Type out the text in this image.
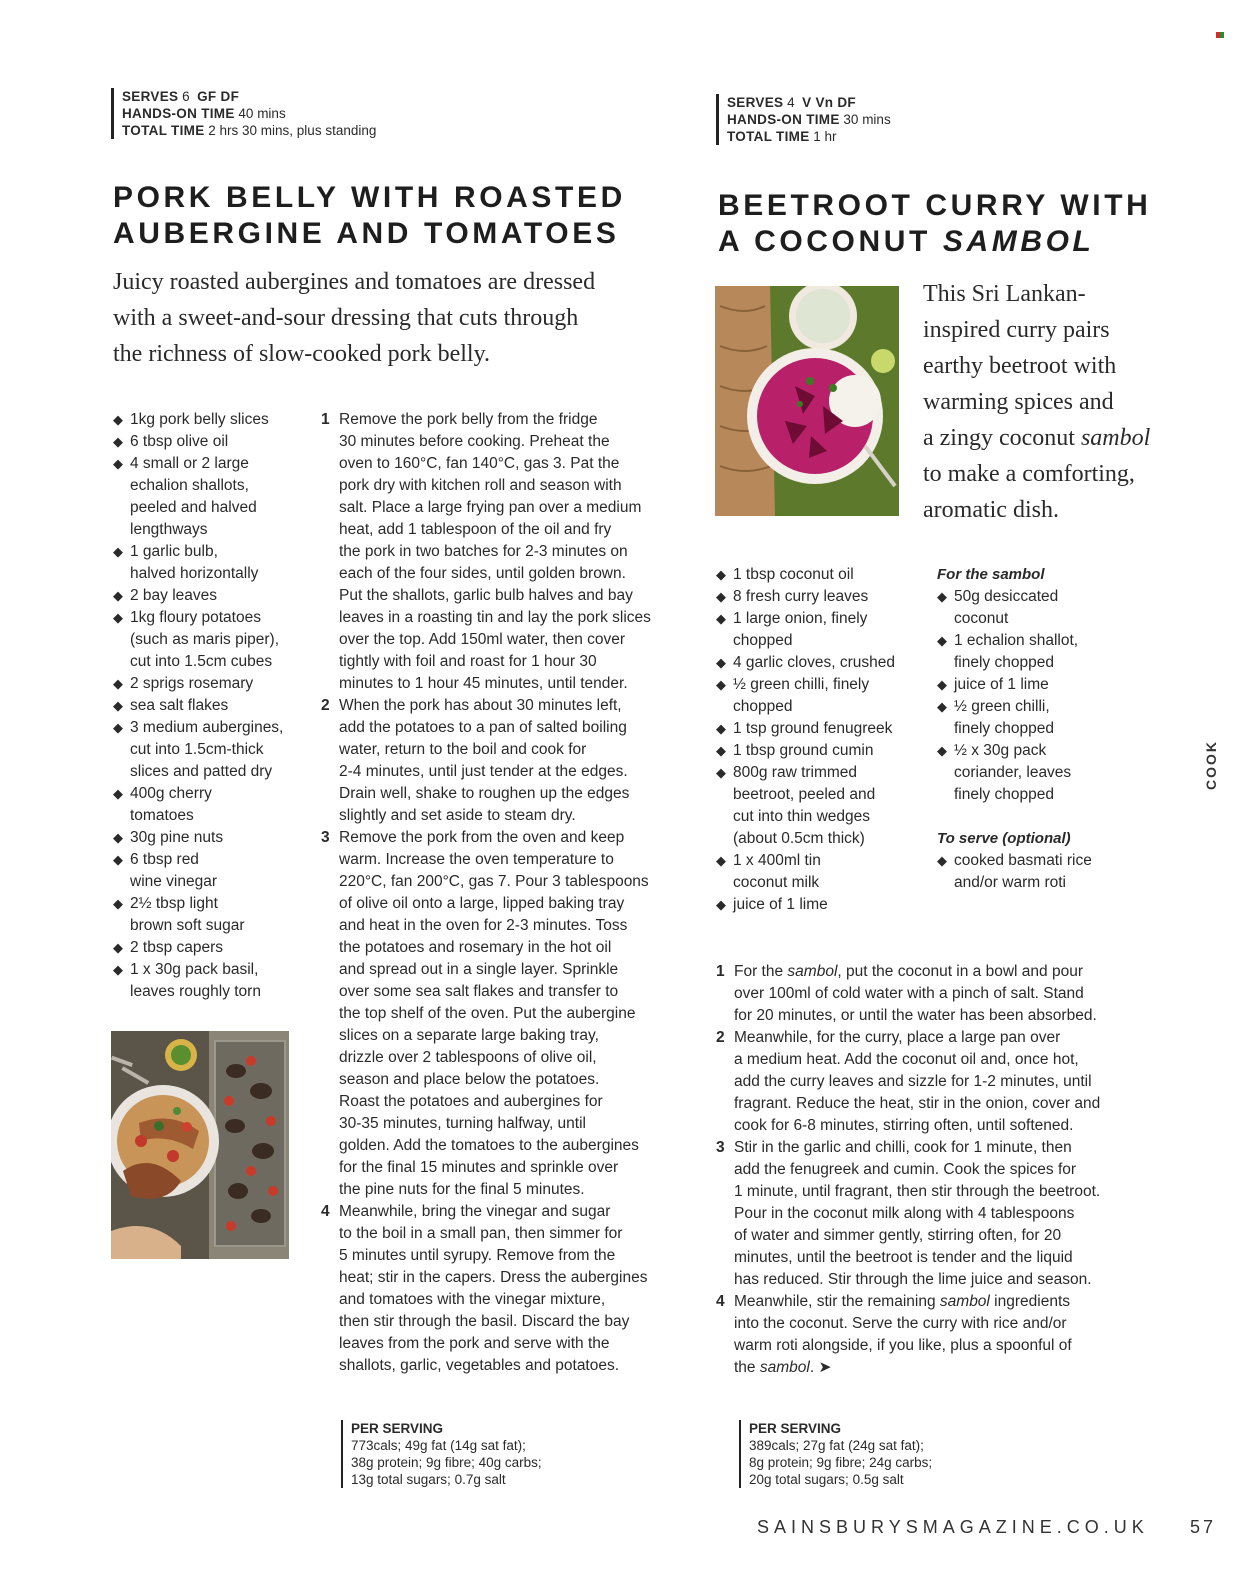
SERVES 6 GF DF
HANDS-ON TIME 40 mins
TOTAL TIME 2 hrs 30 mins, plus standing
PORK BELLY WITH ROASTED
AUBERGINE AND TOMATOES
Juicy roasted aubergines and tomatoes are dressed
with a sweet-and-sour dressing that cuts through
the richness of slow-cooked pork belly.
◆ 1kg pork belly slices
◆ 6 tbsp olive oil
◆ 4 small or 2 large
echalion shallots,
peeled and halved
lengthways
◆ 1 garlic bulb,
halved horizontally
◆ 2 bay leaves
◆ 1kg floury potatoes
(such as maris piper),
cut into 1.5cm cubes
◆ 2 sprigs rosemary
◆ sea salt flakes
◆ 3 medium aubergines,
cut into 1.5cm-thick
slices and patted dry
◆ 400g cherry
tomatoes
◆ 30g pine nuts
◆ 6 tbsp red
wine vinegar
◆ 2½ tbsp light
brown soft sugar
◆ 2 tbsp capers
◆ 1 x 30g pack basil,
leaves roughly torn
1 Remove the pork belly from the fridge
30 minutes before cooking. Preheat the
oven to 160°C, fan 140°C, gas 3. Pat the
pork dry with kitchen roll and season with
salt. Place a large frying pan over a medium
heat, add 1 tablespoon of the oil and fry
the pork in two batches for 2-3 minutes on
each of the four sides, until golden brown.
Put the shallots, garlic bulb halves and bay
leaves in a roasting tin and lay the pork slices
over the top. Add 150ml water, then cover
tightly with foil and roast for 1 hour 30
minutes to 1 hour 45 minutes, until tender.
2 When the pork has about 30 minutes left,
add the potatoes to a pan of salted boiling
water, return to the boil and cook for
2-4 minutes, until just tender at the edges.
Drain well, shake to roughen up the edges
slightly and set aside to steam dry.
3 Remove the pork from the oven and keep
warm. Increase the oven temperature to
220°C, fan 200°C, gas 7. Pour 3 tablespoons
of olive oil onto a large, lipped baking tray
and heat in the oven for 2-3 minutes. Toss
the potatoes and rosemary in the hot oil
and spread out in a single layer. Sprinkle
over some sea salt flakes and transfer to
the top shelf of the oven. Put the aubergine
slices on a separate large baking tray,
drizzle over 2 tablespoons of olive oil,
season and place below the potatoes.
Roast the potatoes and aubergines for
30-35 minutes, turning halfway, until
golden. Add the tomatoes to the aubergines
for the final 15 minutes and sprinkle over
the pine nuts for the final 5 minutes.
4 Meanwhile, bring the vinegar and sugar
to the boil in a small pan, then simmer for
5 minutes until syrupy. Remove from the
heat; stir in the capers. Dress the aubergines
and tomatoes with the vinegar mixture,
then stir through the basil. Discard the bay
leaves from the pork and serve with the
shallots, garlic, vegetables and potatoes.
PER SERVING
773cals; 49g fat (14g sat fat);
38g protein; 9g fibre; 40g carbs;
13g total sugars; 0.7g salt
SERVES 4 V Vn DF
HANDS-ON TIME 30 mins
TOTAL TIME 1 hr
BEETROOT CURRY WITH
A COCONUT SAMBOL
This Sri Lankan-
inspired curry pairs
earthy beetroot with
warming spices and
a zingy coconut sambol
to make a comforting,
aromatic dish.
◆ 1 tbsp coconut oil
◆ 8 fresh curry leaves
◆ 1 large onion, finely
chopped
◆ 4 garlic cloves, crushed
◆ ½ green chilli, finely
chopped
◆ 1 tsp ground fenugreek
◆ 1 tbsp ground cumin
◆ 800g raw trimmed
beetroot, peeled and
cut into thin wedges
(about 0.5cm thick)
◆ 1 x 400ml tin
coconut milk
◆ juice of 1 lime
For the sambol
◆ 50g desiccated
coconut
◆ 1 echalion shallot,
finely chopped
◆ juice of 1 lime
◆ ½ green chilli,
finely chopped
◆ ½ x 30g pack
coriander, leaves
finely chopped
To serve (optional)
◆ cooked basmati rice
and/or warm roti
1 For the sambol, put the coconut in a bowl and pour
over 100ml of cold water with a pinch of salt. Stand
for 20 minutes, or until the water has been absorbed.
2 Meanwhile, for the curry, place a large pan over
a medium heat. Add the coconut oil and, once hot,
add the curry leaves and sizzle for 1-2 minutes, until
fragrant. Reduce the heat, stir in the onion, cover and
cook for 6-8 minutes, stirring often, until softened.
3 Stir in the garlic and chilli, cook for 1 minute, then
add the fenugreek and cumin. Cook the spices for
1 minute, until fragrant, then stir through the beetroot.
Pour in the coconut milk along with 4 tablespoons
of water and simmer gently, stirring often, for 20
minutes, until the beetroot is tender and the liquid
has reduced. Stir through the lime juice and season.
4 Meanwhile, stir the remaining sambol ingredients
into the coconut. Serve the curry with rice and/or
warm roti alongside, if you like, plus a spoonful of
the sambol. ➤
PER SERVING
389cals; 27g fat (24g sat fat);
8g protein; 9g fibre; 24g carbs;
20g total sugars; 0.5g salt
COOK
SAINSBURYSMAGAZINE.CO.UK 57
